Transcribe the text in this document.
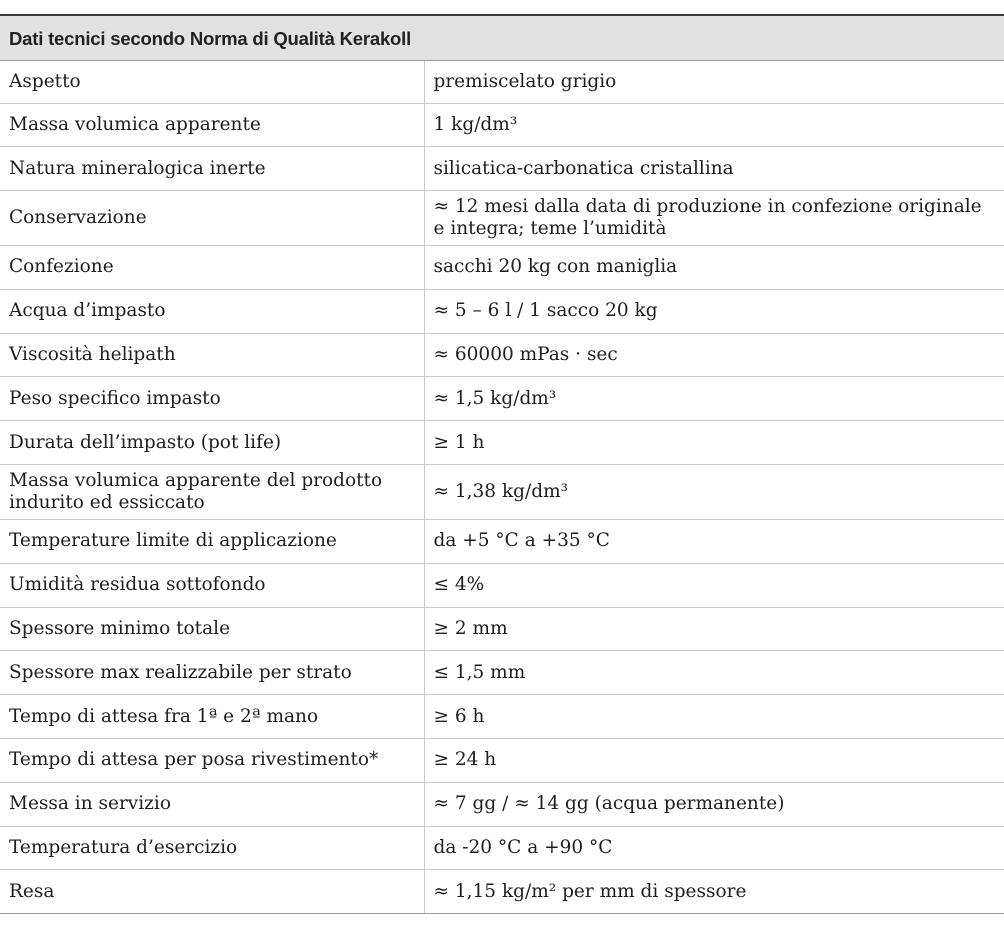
Dati tecnici secondo Norma di Qualità Kerakoll
Aspetto	premiscelato grigio
Massa volumica apparente	1 kg/dm³
Natura mineralogica inerte	silicatica-carbonatica cristallina
Conservazione	≈ 12 mesi dalla data di produzione in confezione originale e integra; teme l’umidità
Confezione	sacchi 20 kg con maniglia
Acqua d’impasto	≈ 5 – 6 l / 1 sacco 20 kg
Viscosità helipath	≈ 60000 mPas · sec
Peso specifico impasto	≈ 1,5 kg/dm³
Durata dell’impasto (pot life)	≥ 1 h
Massa volumica apparente del prodotto indurito ed essiccato	≈ 1,38 kg/dm³
Temperature limite di applicazione	da +5 °C a +35 °C
Umidità residua sottofondo	≤ 4%
Spessore minimo totale	≥ 2 mm
Spessore max realizzabile per strato	≤ 1,5 mm
Tempo di attesa fra 1ª e 2ª mano	≥ 6 h
Tempo di attesa per posa rivestimento*	≥ 24 h
Messa in servizio	≈ 7 gg / ≈ 14 gg (acqua permanente)
Temperatura d’esercizio	da -20 °C a +90 °C
Resa	≈ 1,15 kg/m² per mm di spessore
